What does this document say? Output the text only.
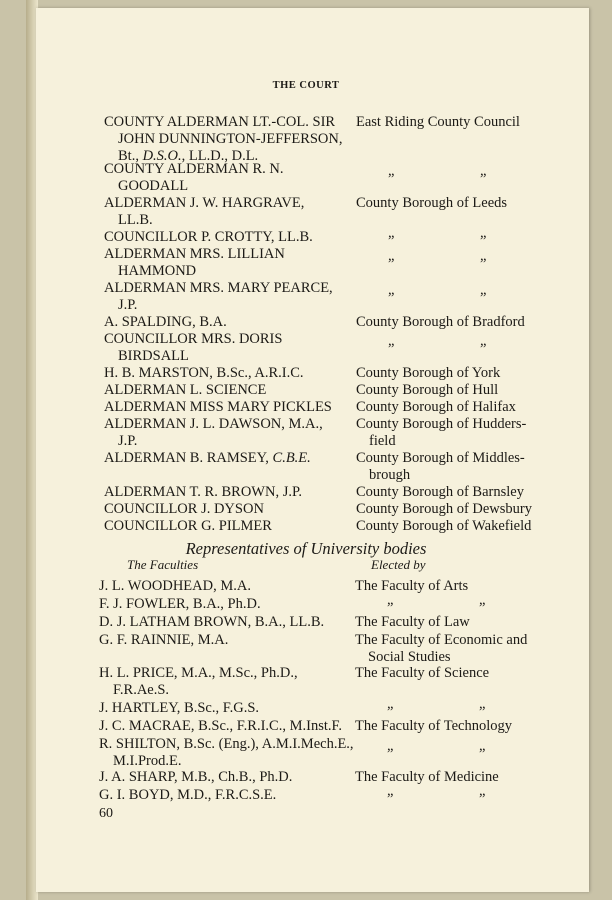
THE COURT
COUNTY ALDERMAN LT.-COL. SIR
JOHN DUNNINGTON-JEFFERSON,
Bt., D.S.O., LL.D., D.L.
East Riding County Council
COUNTY ALDERMAN R. N.
GOODALL	” ”
ALDERMAN J. W. HARGRAVE,
LL.B.
County Borough of Leeds
COUNCILLOR P. CROTTY, LL.B.	” ”
ALDERMAN MRS. LILLIAN
HAMMOND	” ”
ALDERMAN MRS. MARY PEARCE,
J.P.	” ”
A. SPALDING, B.A.	County Borough of Bradford
COUNCILLOR MRS. DORIS
BIRDSALL	” ”
H. B. MARSTON, B.Sc., A.R.I.C.	County Borough of York
ALDERMAN L. SCIENCE	County Borough of Hull
ALDERMAN MISS MARY PICKLES County Borough of Halifax
ALDERMAN J. L. DAWSON, M.A.,
J.P.
County Borough of Hudders-
field
ALDERMAN B. RAMSEY, C.B.E.	County Borough of Middles-
brough
ALDERMAN T. R. BROWN, J.P.	County Borough of Barnsley
COUNCILLOR J. DYSON	County Borough of Dewsbury
COUNCILLOR G. PILMER	County Borough of Wakefield
Representatives of University bodies
The Faculties	Elected by
J. L. WOODHEAD, M.A.	The Faculty of Arts
F. J. FOWLER, B.A., Ph.D.	” ”
D. J. LATHAM BROWN, B.A., LL.B. The Faculty of Law
G. F. RAINNIE, M.A.	The Faculty of Economic and
Social Studies
H. L. PRICE, M.A., M.Sc., Ph.D.,
F.R.Ae.S.
The Faculty of Science
J. HARTLEY, B.Sc., F.G.S.	” ”
J. C. MACRAE, B.Sc., F.R.I.C., M.Inst.F. The Faculty of Technology
R. SHILTON, B.Sc. (Eng.), A.M.I.Mech.E.,
M.I.Prod.E.	” ”
J. A. SHARP, M.B., Ch.B., Ph.D.	The Faculty of Medicine
G. I. BOYD, M.D., F.R.C.S.E.	” ”
60
